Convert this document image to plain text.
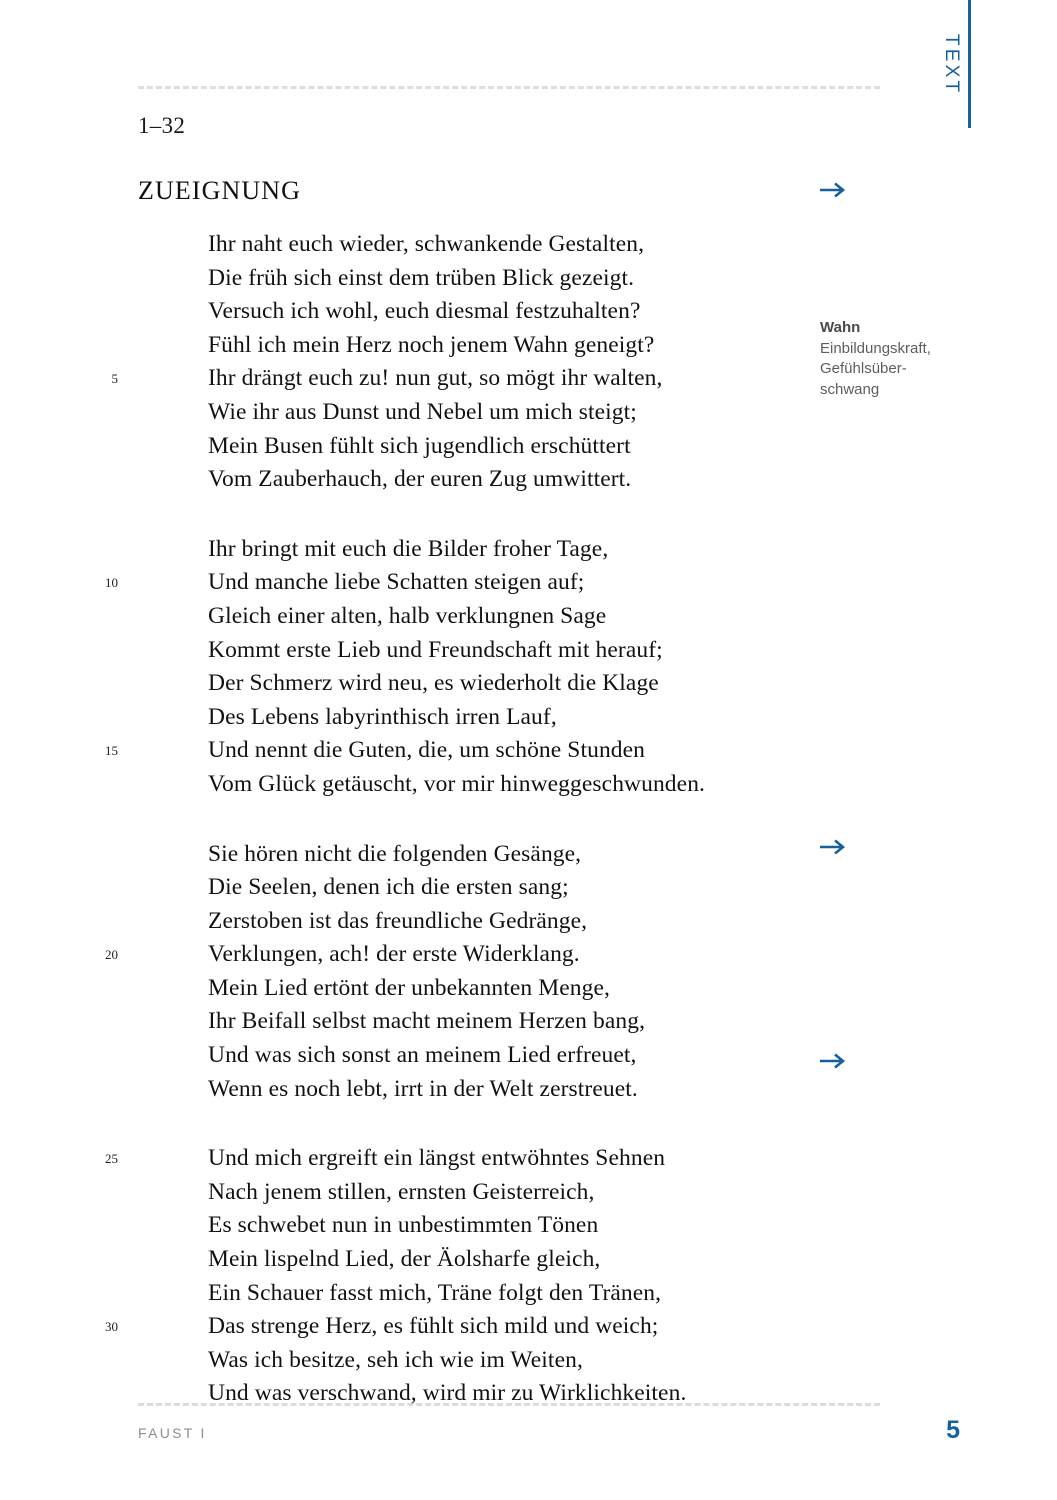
TEXT
1–32
ZUEIGNUNG
Ihr naht euch wieder, schwankende Gestalten,
Die früh sich einst dem trüben Blick gezeigt.
Versuch ich wohl, euch diesmal festzuhalten?
Fühl ich mein Herz noch jenem Wahn geneigt?
5	Ihr drängt euch zu! nun gut, so mögt ihr walten,
Wie ihr aus Dunst und Nebel um mich steigt;
Mein Busen fühlt sich jugendlich erschüttert
Vom Zauberhauch, der euren Zug umwittert.
Ihr bringt mit euch die Bilder froher Tage,
10	Und manche liebe Schatten steigen auf;
Gleich einer alten, halb verklungnen Sage
Kommt erste Lieb und Freundschaft mit herauf;
Der Schmerz wird neu, es wiederholt die Klage
Des Lebens labyrinthisch irren Lauf,
15	Und nennt die Guten, die, um schöne Stunden
Vom Glück getäuscht, vor mir hinweggeschwunden.
Sie hören nicht die folgenden Gesänge,
Die Seelen, denen ich die ersten sang;
Zerstoben ist das freundliche Gedränge,
20	Verklungen, ach! der erste Widerklang.
Mein Lied ertönt der unbekannten Menge,
Ihr Beifall selbst macht meinem Herzen bang,
Und was sich sonst an meinem Lied erfreuet,
Wenn es noch lebt, irrt in der Welt zerstreuet.
25	Und mich ergreift ein längst entwöhntes Sehnen
Nach jenem stillen, ernsten Geisterreich,
Es schwebet nun in unbestimmten Tönen
Mein lispelnd Lied, der Äolsharfe gleich,
Ein Schauer fasst mich, Träne folgt den Tränen,
30	Das strenge Herz, es fühlt sich mild und weich;
Was ich besitze, seh ich wie im Weiten,
Und was verschwand, wird mir zu Wirklichkeiten.
Wahn
Einbildungskraft,
Gefühlsüber-
schwang
FAUST I	5
